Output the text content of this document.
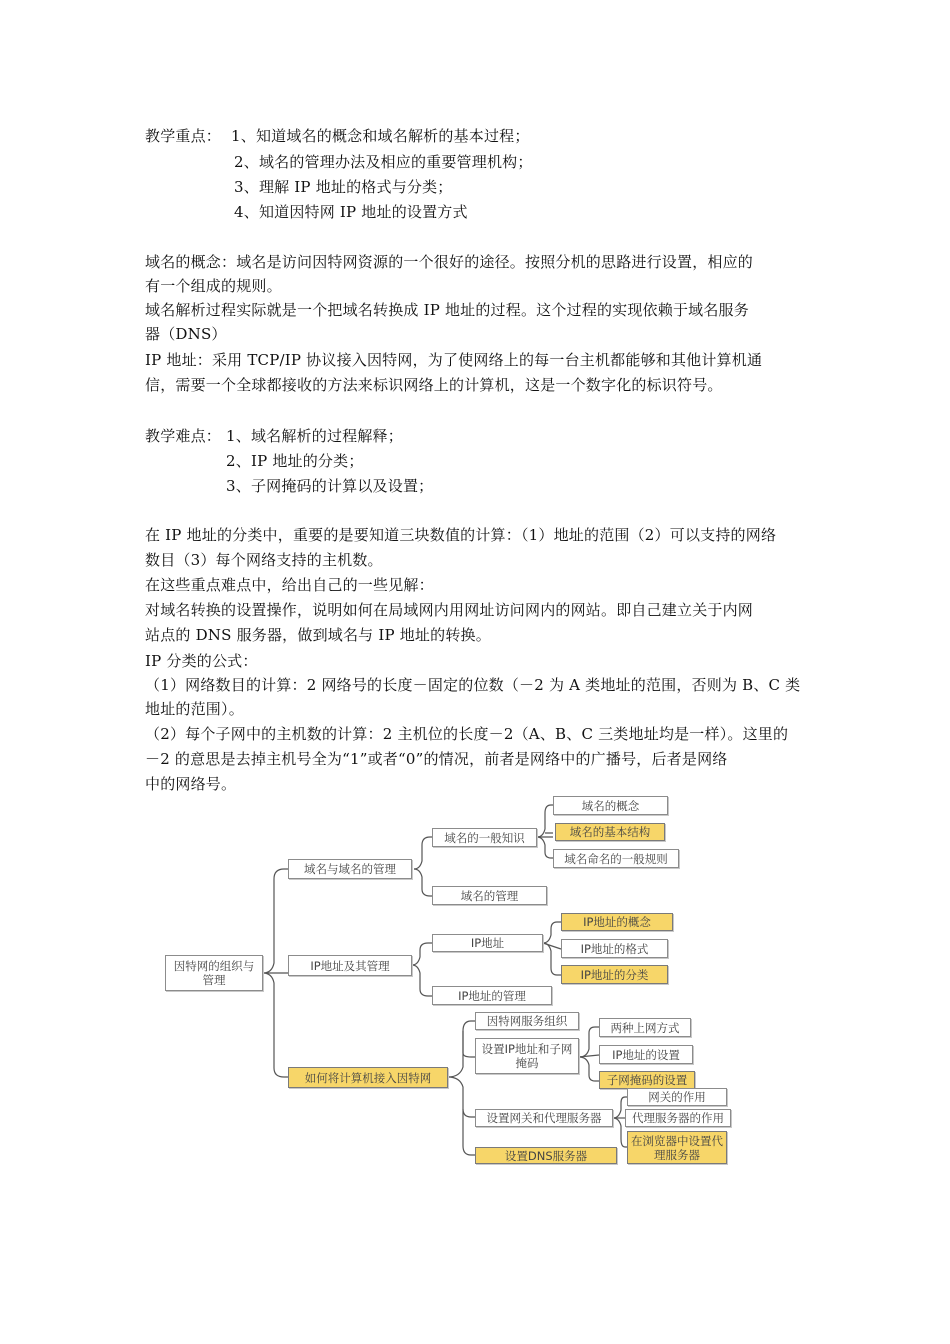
教学重点： 1、知道域名的概念和域名解析的基本过程；
2、域名的管理办法及相应的重要管理机构；
3、理解 IP 地址的格式与分类；
4、知道因特网 IP 地址的设置方式
域名的概念：域名是访问因特网资源的一个很好的途径。按照分机的思路进行设置，相应的
有一个组成的规则。
域名解析过程实际就是一个把域名转换成 IP 地址的过程。这个过程的实现依赖于域名服务
器（DNS）
IP 地址：采用 TCP/IP 协议接入因特网，为了使网络上的每一台主机都能够和其他计算机通
信，需要一个全球都接收的方法来标识网络上的计算机，这是一个数字化的标识符号。
教学难点： 1、域名解析的过程解释；
2、IP 地址的分类；
3、子网掩码的计算以及设置；
在 IP 地址的分类中，重要的是要知道三块数值的计算：（1）地址的范围（2）可以支持的网络
数目（3）每个网络支持的主机数。
在这些重点难点中，给出自己的一些见解：
对域名转换的设置操作，说明如何在局域网内用网址访问网内的网站。即自己建立关于内网
站点的 DNS 服务器，做到域名与 IP 地址的转换。
IP 分类的公式：
（1）网络数目的计算：2 网络号的长度－固定的位数（－2 为 A 类地址的范围，否则为 B、C 类
地址的范围）。
（2）每个子网中的主机数的计算：2 主机位的长度－2（A、B、C 三类地址均是一样）。这里的
－2 的意思是去掉主机号全为“1”或者“0”的情况，前者是网络中的广播号，后者是网络
中的网络号。
因特网的组织与管理
域名与域名的管理
域名的一般知识
域名的概念
域名的基本结构
域名命名的一般规则
域名的管理
IP地址及其管理
IP地址
IP地址的概念
IP地址的格式
IP地址的分类
IP地址的管理
如何将计算机接入因特网
因特网服务组织
设置IP地址和子网掩码
两种上网方式
IP地址的设置
子网掩码的设置
设置网关和代理服务器
网关的作用
代理服务器的作用
在浏览器中设置代理服务器
设置DNS服务器
